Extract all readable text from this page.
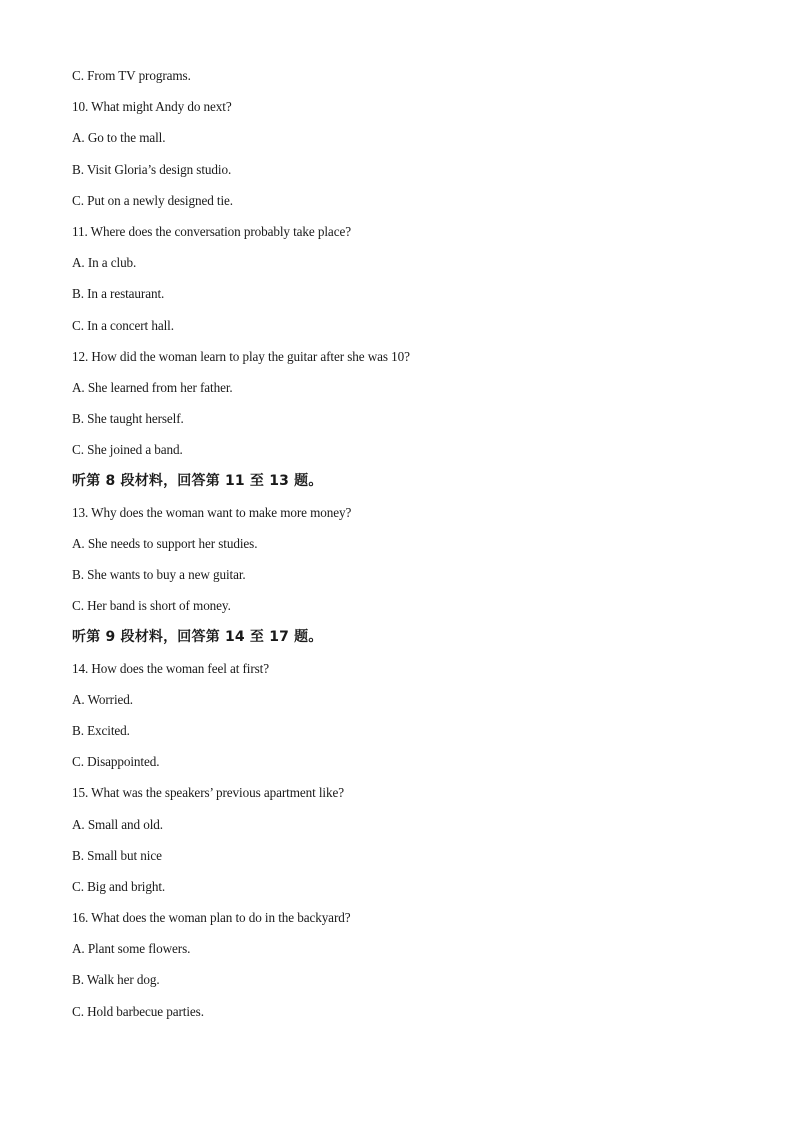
C. From TV programs.
10. What might Andy do next?
A. Go to the mall.
B. Visit Gloria’s design studio.
C. Put on a newly designed tie.
11. Where does the conversation probably take place?
A. In a club.
B. In a restaurant.
C. In a concert hall.
12. How did the woman learn to play the guitar after she was 10?
A. She learned from her father.
B. She taught herself.
C. She joined a band.
听第 8 段材料，回答第 11 至 13 题。
13. Why does the woman want to make more money?
A. She needs to support her studies.
B. She wants to buy a new guitar.
C. Her band is short of money.
听第 9 段材料，回答第 14 至 17 题。
14. How does the woman feel at first?
A. Worried.
B. Excited.
C. Disappointed.
15. What was the speakers’ previous apartment like?
A. Small and old.
B. Small but nice
C. Big and bright.
16. What does the woman plan to do in the backyard?
A. Plant some flowers.
B. Walk her dog.
C. Hold barbecue parties.
